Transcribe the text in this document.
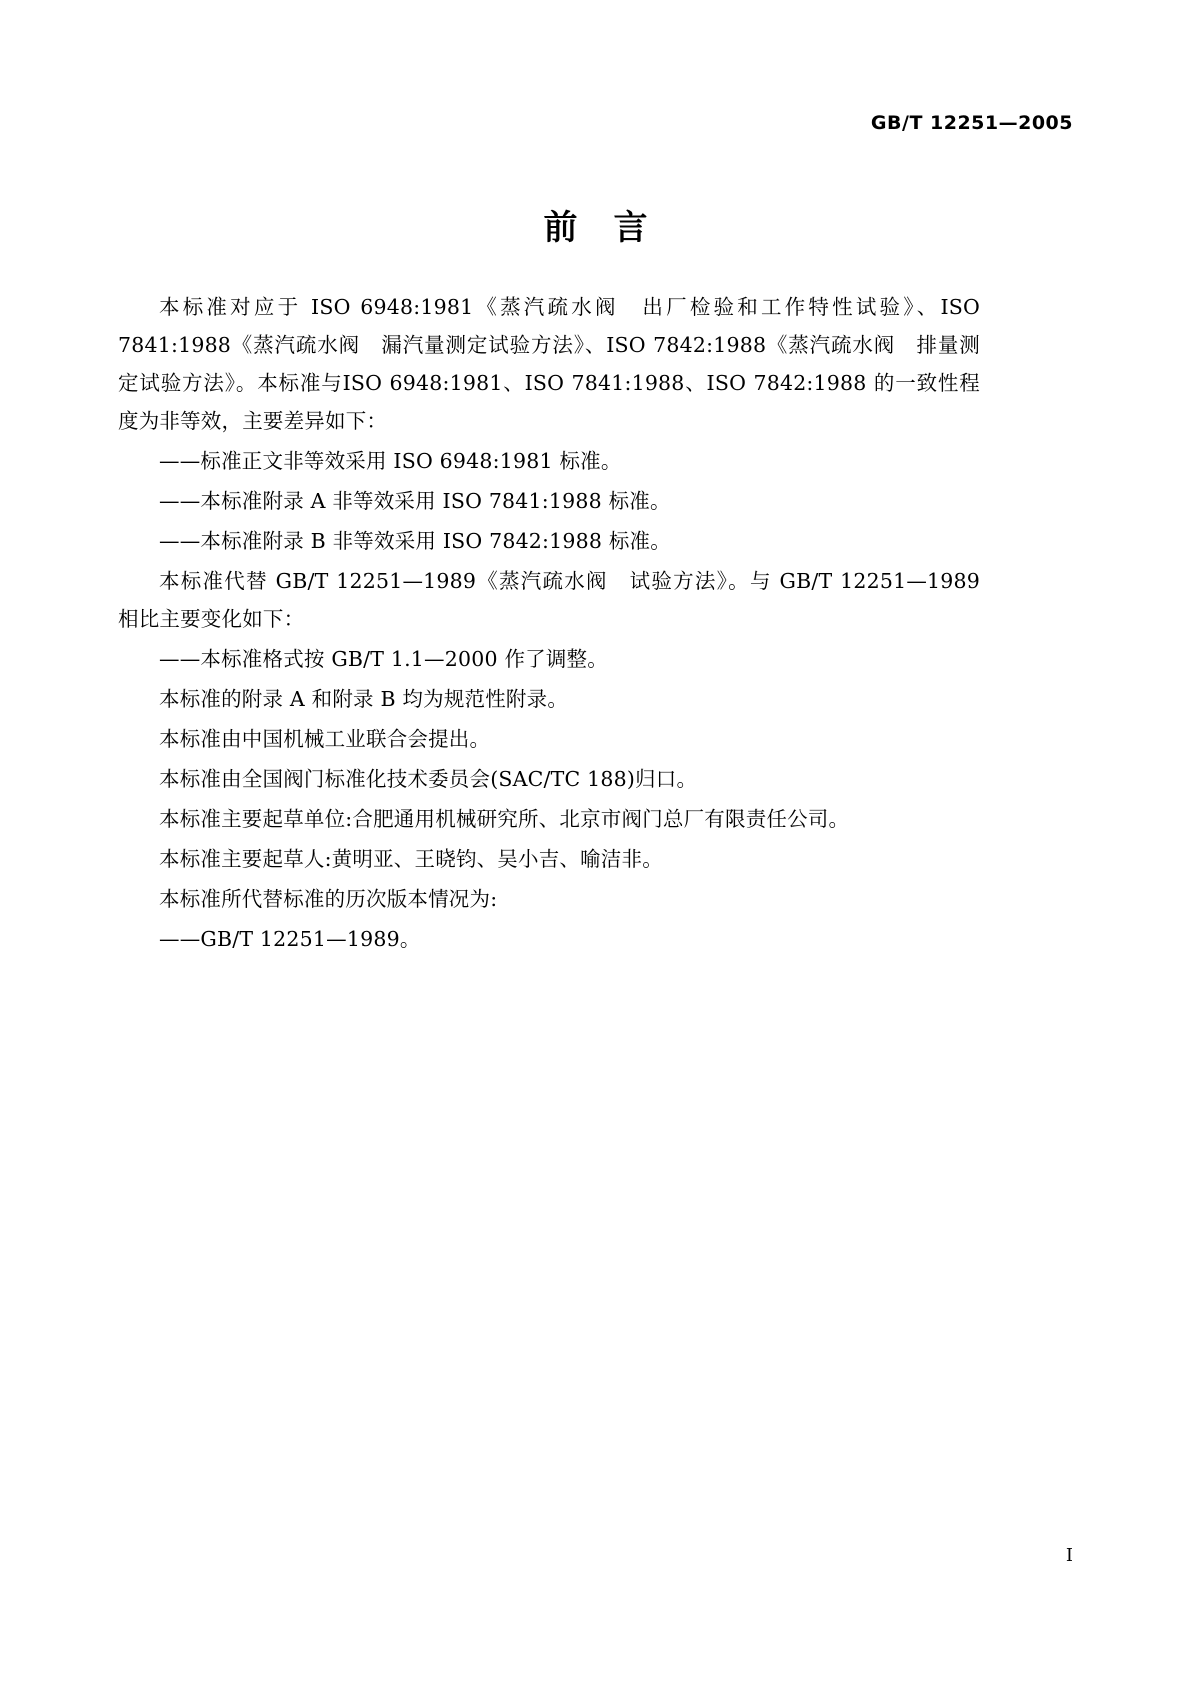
GB/T 12251—2005
前言

本标准对应于 ISO 6948:1981《蒸汽疏水阀　出厂检验和工作特性试验》、ISO 7841:1988《蒸汽疏水阀　漏汽量测定试验方法》、ISO 7842:1988《蒸汽疏水阀　排量测定试验方法》。本标准与ISO 6948:1981、ISO 7841:1988、ISO 7842:1988 的一致性程度为非等效，主要差异如下：

——标准正文非等效采用 ISO 6948:1981 标准。

——本标准附录 A 非等效采用 ISO 7841:1988 标准。

——本标准附录 B 非等效采用 ISO 7842:1988 标准。

本标准代替 GB/T 12251—1989《蒸汽疏水阀　试验方法》。与 GB/T 12251—1989 相比主要变化如下：

——本标准格式按 GB/T 1.1—2000 作了调整。

本标准的附录 A 和附录 B 均为规范性附录。

本标准由中国机械工业联合会提出。

本标准由全国阀门标准化技术委员会(SAC/TC 188)归口。

本标准主要起草单位:合肥通用机械研究所、北京市阀门总厂有限责任公司。

本标准主要起草人:黄明亚、王晓钧、吴小吉、喻洁非。

本标准所代替标准的历次版本情况为:

——GB/T 12251—1989。

Ⅰ
